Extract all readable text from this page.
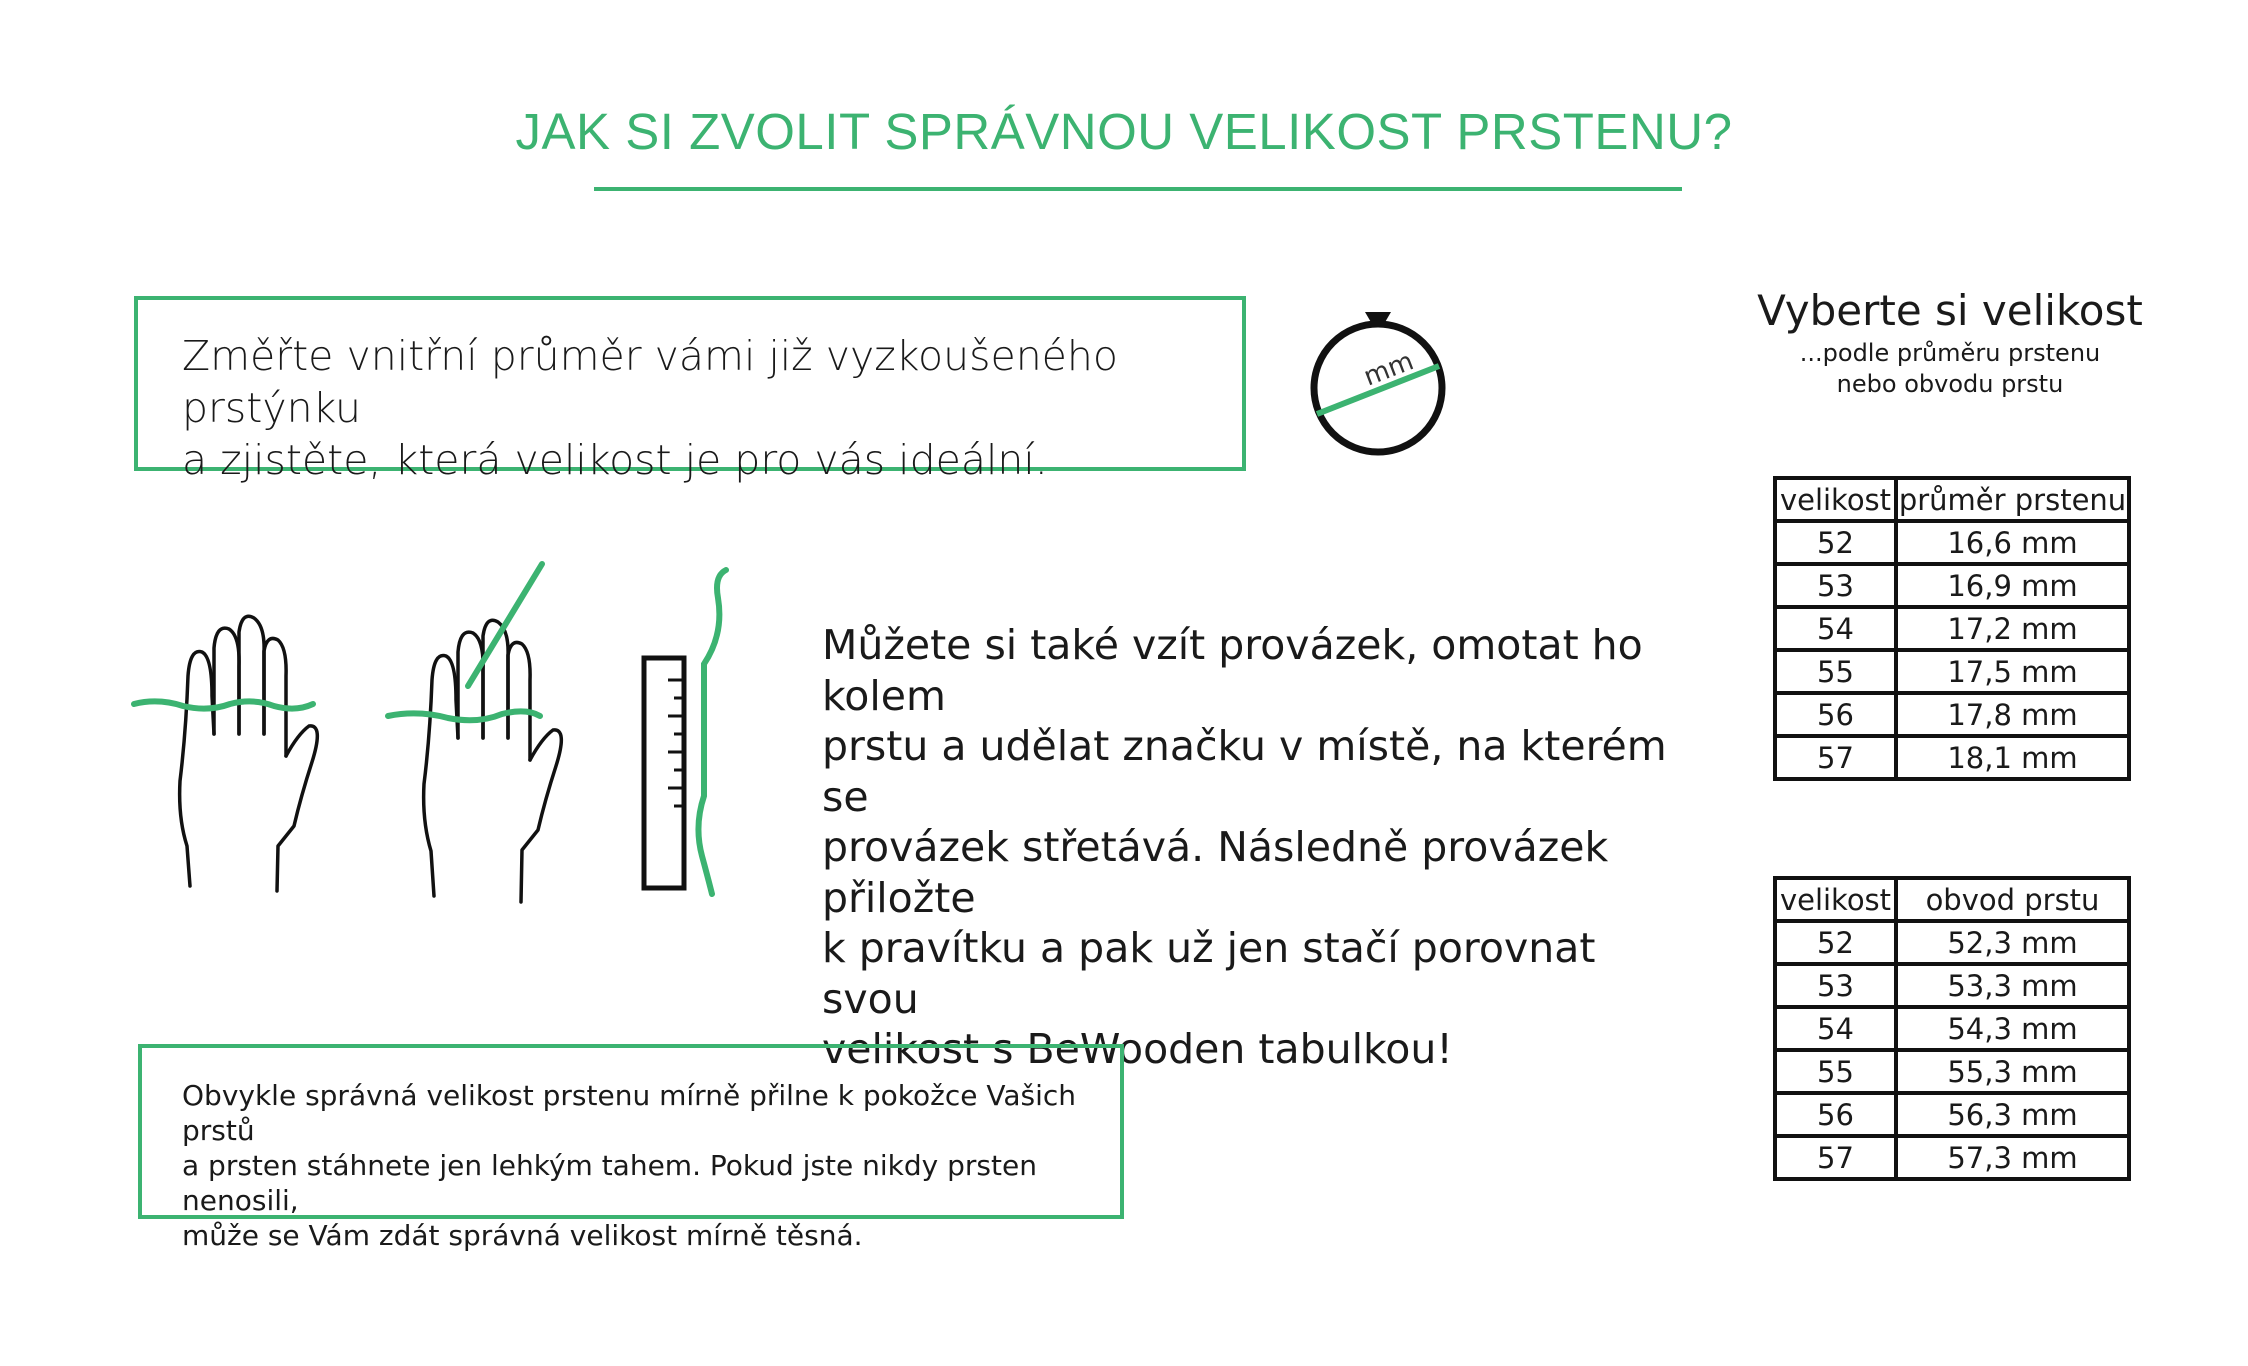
JAK SI ZVOLIT SPRÁVNOU VELIKOST PRSTENU?

Změřte vnitřní průměr vámi již vyzkoušeného prstýnku
a zjistěte, která velikost je pro vás ideální.

mm

Můžete si také vzít provázek, omotat ho kolem
prstu a udělat značku v místě, na kterém se
provázek střetává. Následně provázek přiložte
k pravítku a pak už jen stačí porovnat svou
velikost s BeWooden tabulkou!

Obvykle správná velikost prstenu mírně přilne k pokožce Vašich prstů
a prsten stáhnete jen lehkým tahem. Pokud jste nikdy prsten nenosili,
může se Vám zdát správná velikost mírně těsná.

Vyberte si velikost
...podle průměru prstenu
nebo obvodu prstu
velikost	průměr prstenu
52	16,6 mm
53	16,9 mm
54	17,2 mm
55	17,5 mm
56	17,8 mm
57	18,1 mm
velikost	obvod prstu
52	52,3 mm
53	53,3 mm
54	54,3 mm
55	55,3 mm
56	56,3 mm
57	57,3 mm
